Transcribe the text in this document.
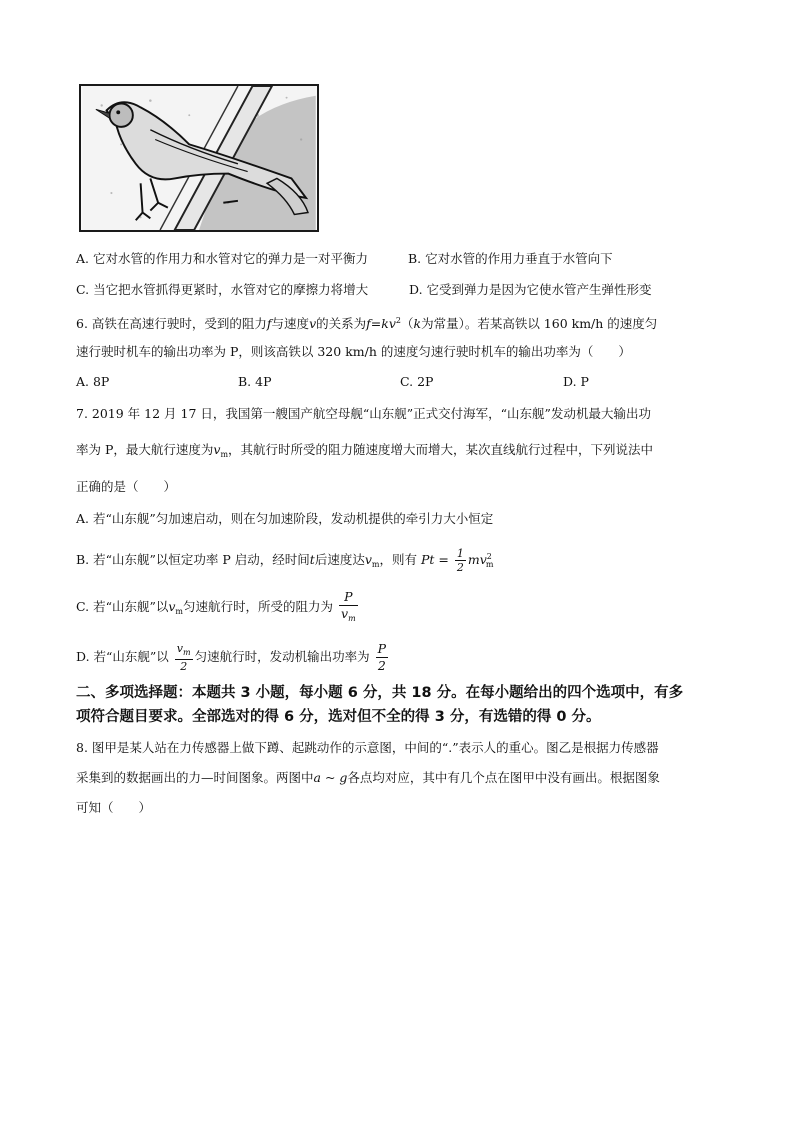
A. 它对水管的作用力和水管对它的弹力是一对平衡力	B. 它对水管的作用力垂直于水管向下
C. 当它把水管抓得更紧时，水管对它的摩擦力将增大	D. 它受到弹力是因为它使水管产生弹性形变
6. 高铁在高速行驶时，受到的阻力f与速度v的关系为$f=kv^2(k$为常量）。若某高铁以 160 km/h 的速度匀
速行驶时机车的输出功率为 P，则该高铁以 320 km/h 的速度匀速行驶时机车的输出功率为（　　）
A. 8P	B. 4P	C. 2P	D. P
7. 2019 年 12 月 17 日，我国第一艘国产航空母舰“山东舰”正式交付海军，“山东舰”发动机最大输出功
率为 P，最大航行速度为$v_m$，其航行时所受的阻力随速度增大而增大，某次直线航行过程中，下列说法中
正确的是（　　）
A. 若“山东舰”匀加速启动，则在匀加速阶段，发动机提供的牵引力大小恒定
B. 若“山东舰”以恒定功率 P 启动，经时间t后速度达$v_m$，则有 $Pt = \frac{1}{2} mv^2_m$
C. 若“山东舰”以$v_m$匀速航行时，所受的阻力为 $\frac{P}{v_m}$
D. 若“山东舰”以 $\frac{v_m}{2}$ 匀速航行时，发动机输出功率为 $\frac{P}{2}$
二、多项选择题：本题共 3 小题，每小题 6 分，共 18 分。在每小题给出的四个选项中，有多
项符合题目要求。全部选对的得 6 分，选对但不全的得 3 分，有选错的得 0 分。
8. 图甲是某人站在力传感器上做下蹲、起跳动作的示意图，中间的“.”表示人的重心。图乙是根据力传感器
采集到的数据画出的力—时间图象。两图中a ~ g各点均对应，其中有几个点在图甲中没有画出。根据图象
可知（　　）
